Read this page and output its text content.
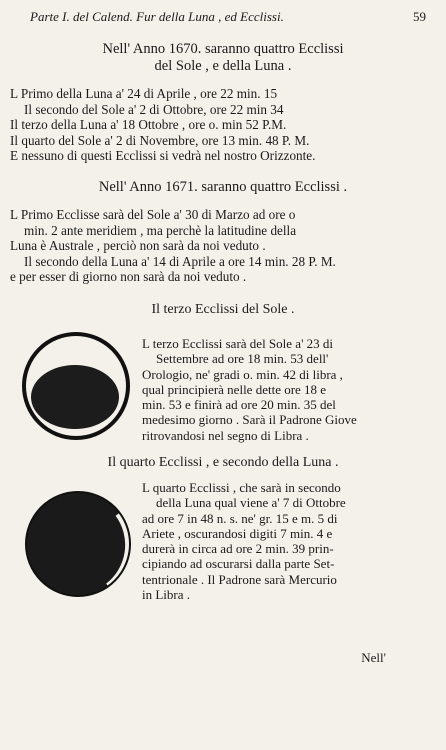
Parte I. del Calend. Fur della Luna , ed Ecclissi.	59
Nell' Anno 1670. saranno quattro Ecclissi
del Sole , e della Luna .
L Primo della Luna a' 24 di Aprile , ore 22 min. 15
Il secondo del Sole a' 2 di Ottobre, ore 22 min 34
Il terzo della Luna a' 18 Ottobre , ore o. min 52 P.M.
Il quarto del Sole a' 2 di Novembre, ore 13 min. 48 P. M.
E nessuno di questi Ecclissi si vedrà nel nostro Orizzonte.
Nell' Anno 1671. saranno quattro Ecclissi .
L Primo Ecclisse sarà del Sole a' 30 di Marzo ad ore o
min. 2 ante meridiem , ma perchè la latitudine della
Luna è Australe , perciò non sarà da noi veduto .
Il secondo della Luna a' 14 di Aprile a ore 14 min. 28 P. M.
e per esser di giorno non sarà da noi veduto .
Il terzo Ecclissi del Sole .
L terzo Ecclissi sarà del Sole a' 23 di
Settembre ad ore 18 min. 53 dell'
Orologio, ne' gradi o. min. 42 di libra ,
qual principierà nelle dette ore 18 e
min. 53 e finirà ad ore 20 min. 35 del
medesimo giorno . Sarà il Padrone Giove
ritrovandosi nel segno di Libra .
Il quarto Ecclissi , e secondo della Luna .
L quarto Ecclissi , che sarà in secondo
della Luna qual viene a' 7 di Ottobre
ad ore 7 in 48 n. s. ne' gr. 15 e m. 5 di
Ariete , oscurandosi digiti 7 min. 4 e
durerà in circa ad ore 2 min. 39 prin-
cipiando ad oscurarsi dalla parte Set-
tentrionale . Il Padrone sarà Mercurio
in Libra .
Nell'
